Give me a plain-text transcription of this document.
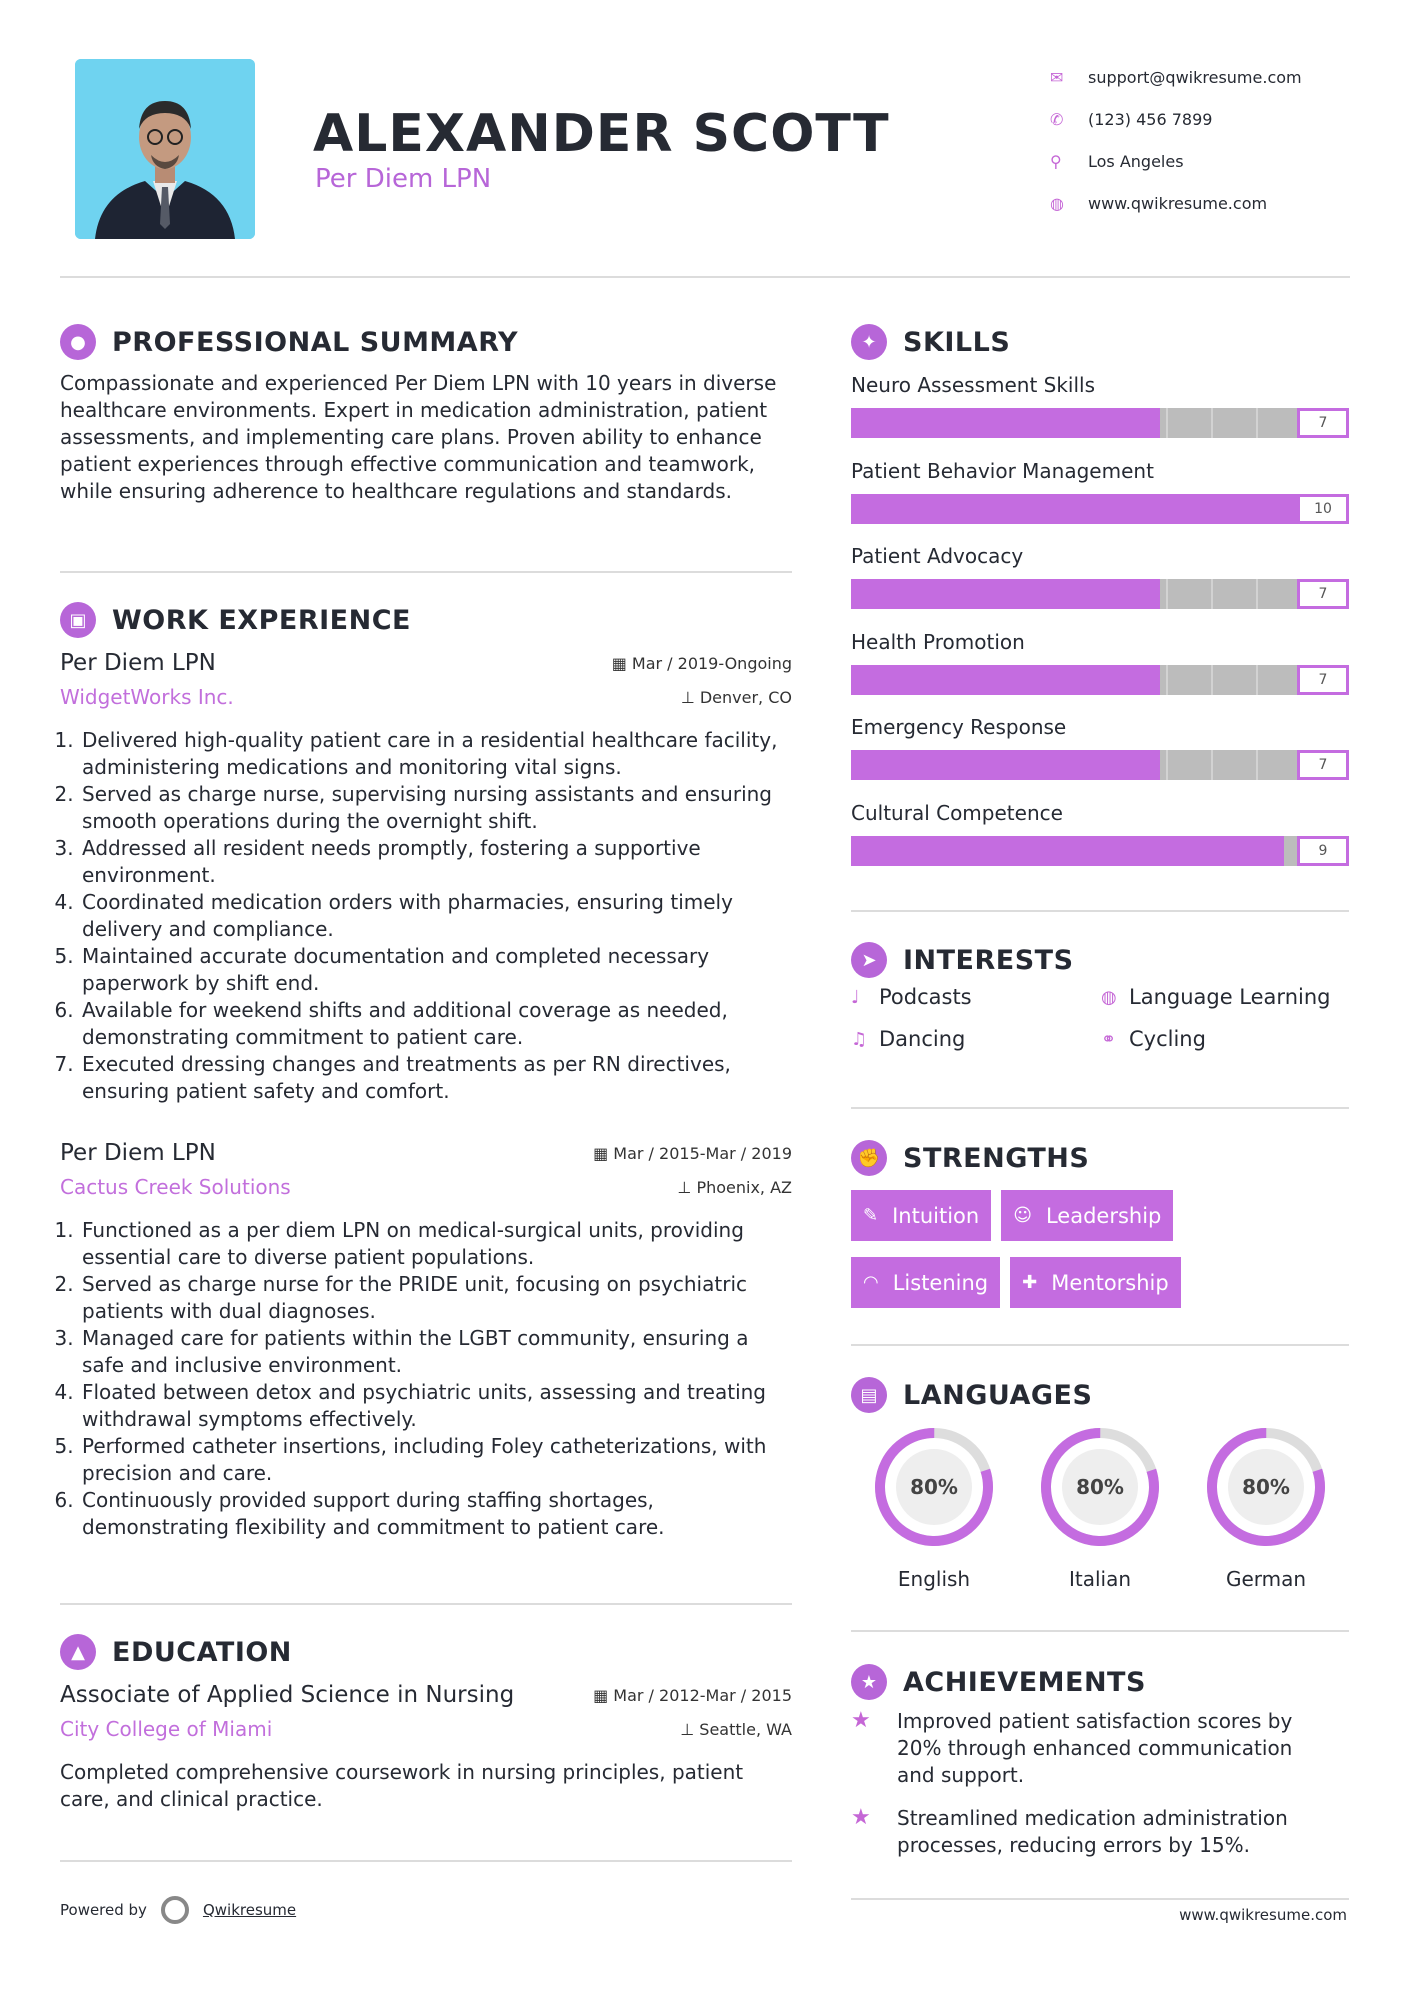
ALEXANDER SCOTT
Per Diem LPN
✉	support@qwikresume.com
✆	(123) 456 7899
⚲	Los Angeles
◍	www.qwikresume.com
● PROFESSIONAL SUMMARY
Compassionate and experienced Per Diem LPN with 10 years in diverse healthcare environments. Expert in medication administration, patient assessments, and implementing care plans. Proven ability to enhance patient experiences through effective communication and teamwork, while ensuring adherence to healthcare regulations and standards.
▣ WORK EXPERIENCE
Per Diem LPN	▦ Mar / 2019-Ongoing
WidgetWorks Inc.	⊥ Denver, CO
1. Delivered high-quality patient care in a residential healthcare facility, administering medications and monitoring vital signs.
2. Served as charge nurse, supervising nursing assistants and ensuring smooth operations during the overnight shift.
3. Addressed all resident needs promptly, fostering a supportive environment.
4. Coordinated medication orders with pharmacies, ensuring timely delivery and compliance.
5. Maintained accurate documentation and completed necessary paperwork by shift end.
6. Available for weekend shifts and additional coverage as needed, demonstrating commitment to patient care.
7. Executed dressing changes and treatments as per RN directives, ensuring patient safety and comfort.
Per Diem LPN	▦ Mar / 2015-Mar / 2019
Cactus Creek Solutions	⊥ Phoenix, AZ
1. Functioned as a per diem LPN on medical-surgical units, providing essential care to diverse patient populations.
2. Served as charge nurse for the PRIDE unit, focusing on psychiatric patients with dual diagnoses.
3. Managed care for patients within the LGBT community, ensuring a safe and inclusive environment.
4. Floated between detox and psychiatric units, assessing and treating withdrawal symptoms effectively.
5. Performed catheter insertions, including Foley catheterizations, with precision and care.
6. Continuously provided support during staffing shortages, demonstrating flexibility and commitment to patient care.
▲	EDUCATION
Associate of Applied Science in Nursing	▦ Mar / 2012-Mar / 2015
City College of Miami	⊥ Seattle, WA
Completed comprehensive coursework in nursing principles, patient care, and clinical practice.
✦ SKILLS
Neuro Assessment Skills
7
Patient Behavior Management
10
Patient Advocacy
7
Health Promotion
7
Emergency Response
7
Cultural Competence
9
➤ INTERESTS
♩ Podcasts	◍ Language Learning
♫ Dancing	⚭ Cycling
✊ STRENGTHS
✎ Intuition ☺ Leadership

◠ Listening ✚ Mentorship
▤ LANGUAGES
80%
English
80%
Italian
80%
German
★ ACHIEVEMENTS
★	Improved patient satisfaction scores by 20% through enhanced communication and support.
★	Streamlined medication administration processes, reducing errors by 15%.
Powered by	Qwikresume	www.qwikresume.com
